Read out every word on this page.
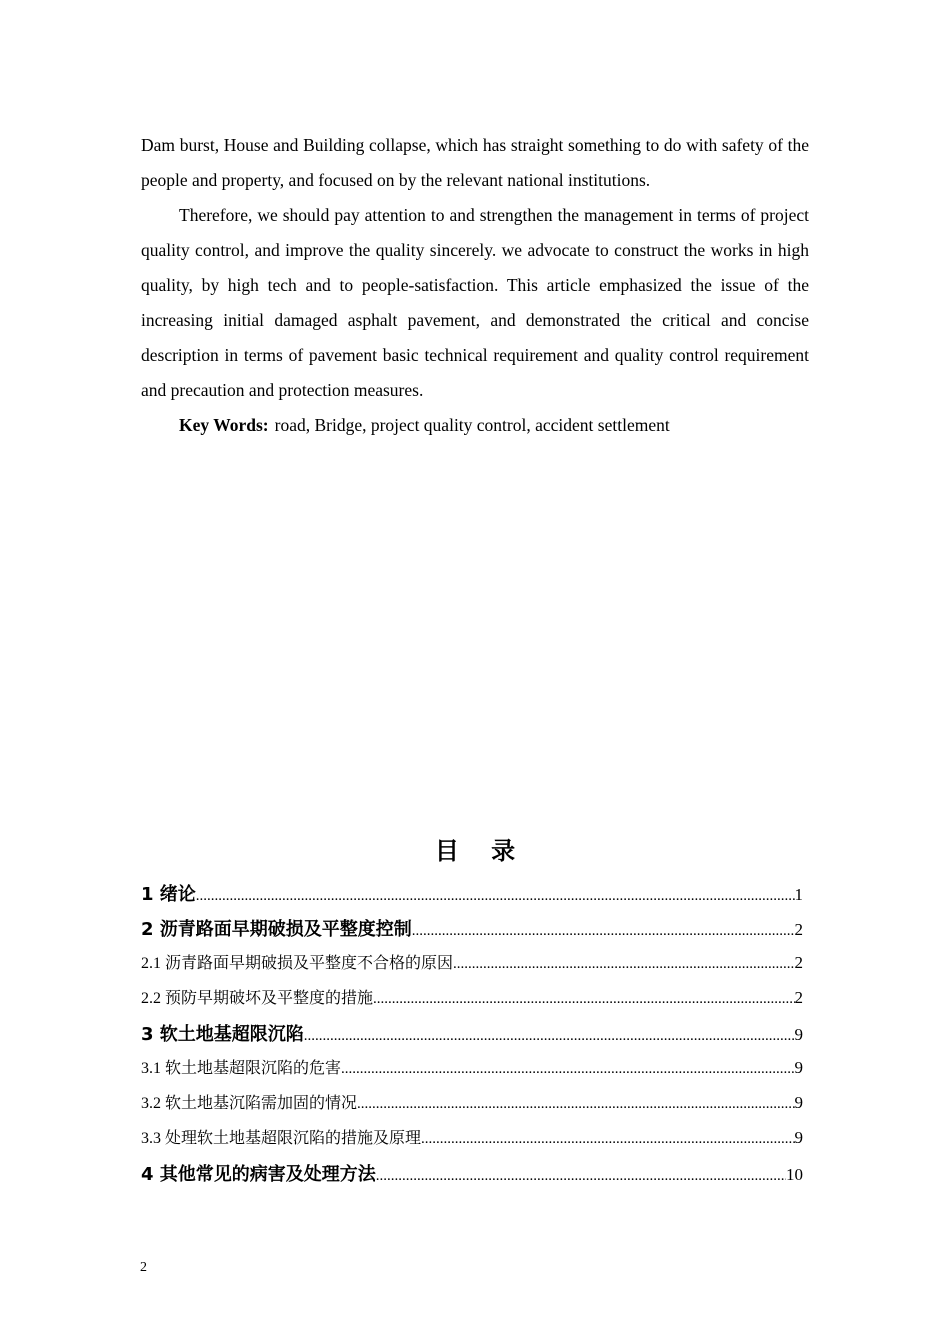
Dam burst, House and Building collapse, which has straight something to do with safety of the people and property, and focused on by the relevant national institutions.

Therefore, we should pay attention to and strengthen the management in terms of project quality control, and improve the quality sincerely. we advocate to construct the works in high quality, by high tech and to people-satisfaction. This article emphasized the issue of the increasing initial damaged asphalt pavement, and demonstrated the critical and concise description in terms of pavement basic technical requirement and quality control requirement and precaution and protection measures.

Key Words: road, Bridge, project quality control, accident settlement

目 录
1 绪论 .....	1
2 沥青路面早期破损及平整度控制 .....	2
2.1 沥青路面早期破损及平整度不合格的原因 .....	2
2.2 预防早期破坏及平整度的措施 .....	2
3 软土地基超限沉陷 .....	9
3.1 软土地基超限沉陷的危害 .....	9
3.2 软土地基沉陷需加固的情况 .....	9
3.3 处理软土地基超限沉陷的措施及原理 .....	9
4 其他常见的病害及处理方法 .....	10
2
